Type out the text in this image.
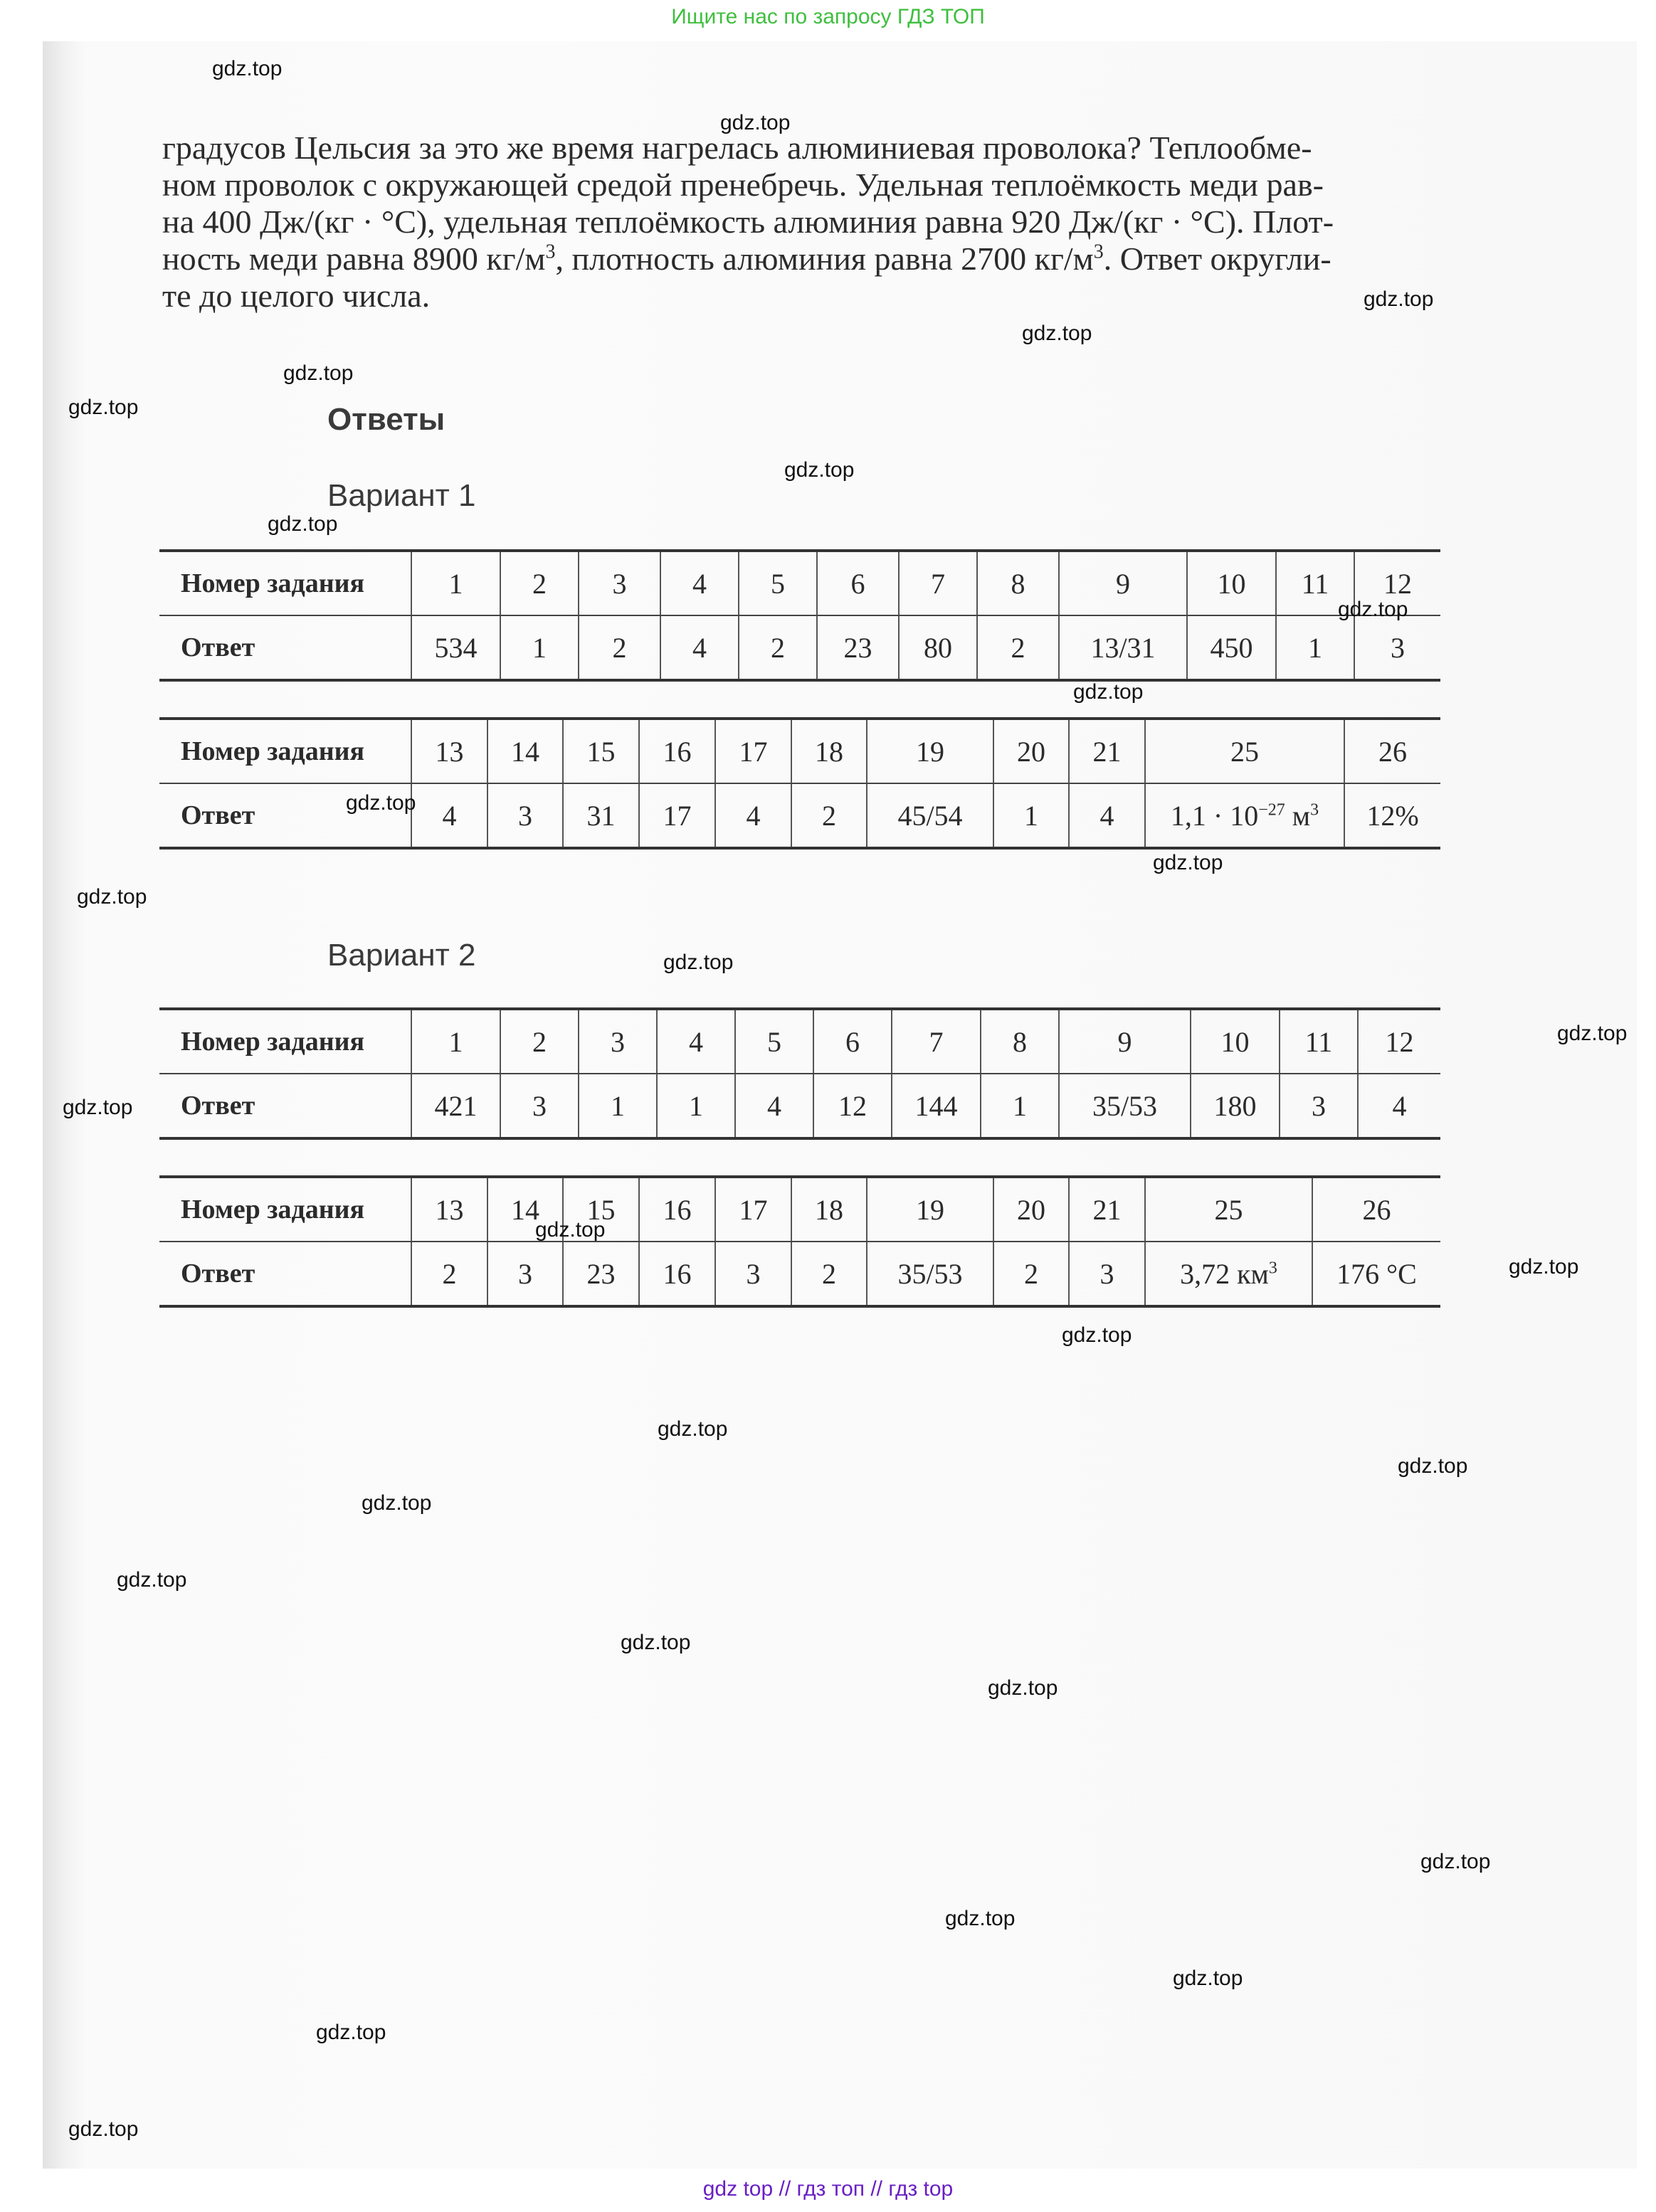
Ищите нас по запросу ГДЗ ТОП

градусов Цельсия за это же время нагрелась алюминиевая проволока? Теплообме-

ном проволок с окружающей средой пренебречь. Удельная теплоёмкость меди рав-

на 400 Дж/(кг · °С), удельная теплоёмкость алюминия равна 920 Дж/(кг · °С). Плот-

ность меди равна 8900 $кг/м^3$, плотность алюминия равна 2700 $кг/м^3$. Ответ округли-

те до целого числа.

Ответы
Вариант 1
Номер задания	1	2	3	4	5	6	7	8	9	10	11	12
Ответ	534	1	2	4	2	23	80	2	13/31	450	1	3
Номер задания	13	14	15	16	17	18	19	20	21	25	26
Ответ	4	3	31	17	4	2	45/54	1	4	$1,1 \cdot 10^{-27}$ $м^3$	12%
Вариант 2
Номер задания	1	2	3	4	5	6	7	8	9	10	11	12
Ответ	421	3	1	1	4	12	144	1	35/53	180	3	4
Номер задания	13	14	15	16	17	18	19	20	21	25	26
Ответ	2	3	23	16	3	2	35/53	2	3	3,72 $км^3$	176 °С
gdz.top
gdz.top
gdz.top
gdz.top
gdz.top
gdz.top
gdz.top
gdz.top
gdz.top
gdz.top
gdz.top
gdz.top
gdz.top
gdz.top
gdz.top
gdz.top
gdz.top
gdz.top
gdz.top
gdz.top
gdz.top
gdz.top
gdz.top
gdz.top
gdz.top
gdz.top
gdz.top
gdz.top
gdz.top
gdz.top
gdz top // гдз топ // гдз top
